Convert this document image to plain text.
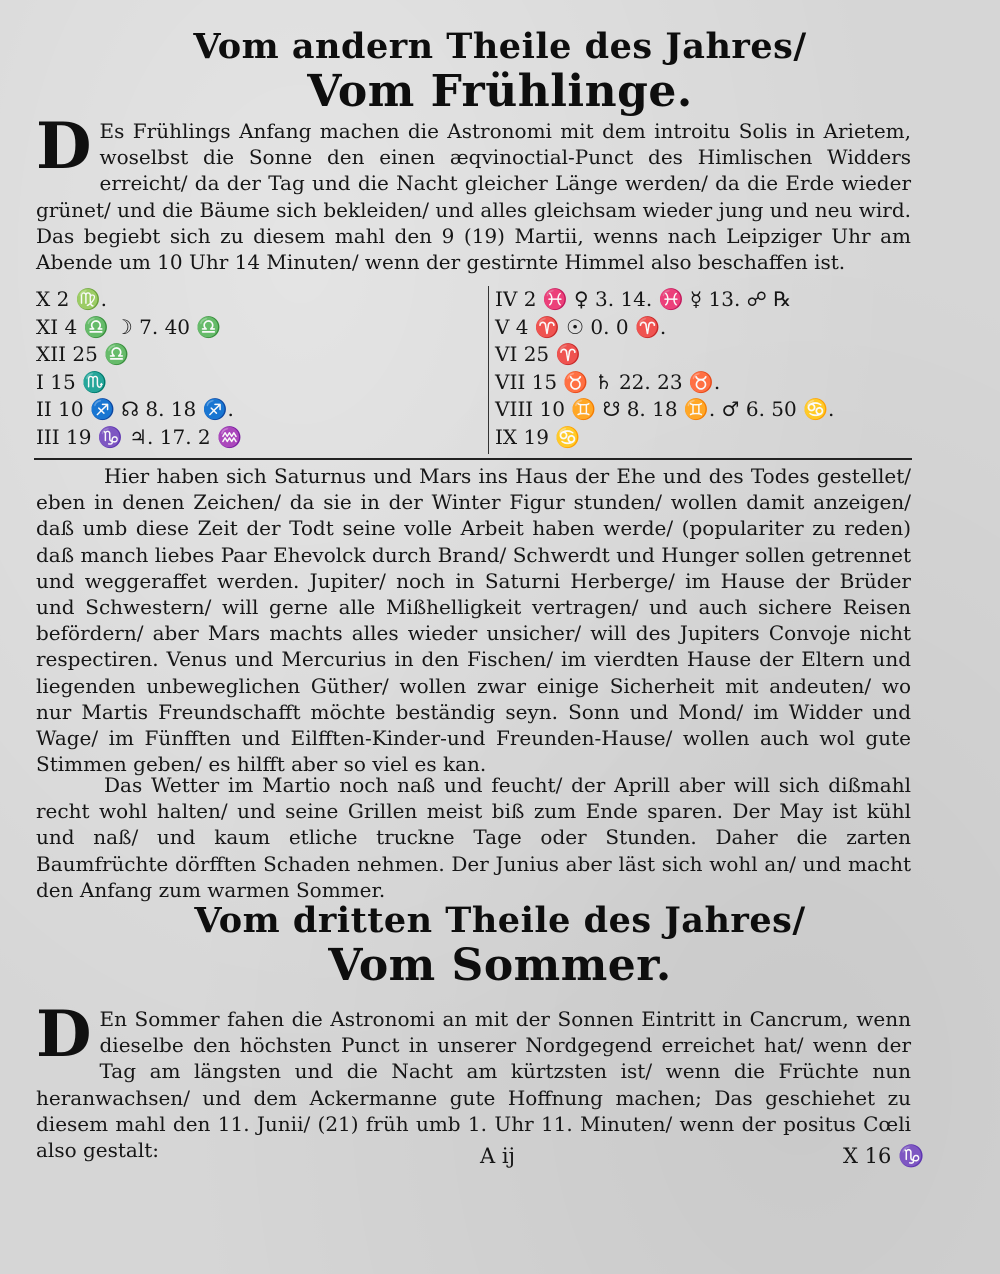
Vom andern Theile des Jahres/
Vom Frühlinge.
D Es Frühlings Anfang machen die Astronomi mit dem introitu Solis in Arietem, woselbst die Sonne den einen æqvinoctial-Punct des Himlischen Widders erreicht/ da der Tag und die Nacht gleicher Länge werden/ da die Erde wieder grünet/ und die Bäume sich bekleiden/ und alles gleichsam wieder jung und neu wird. Das begiebt sich zu diesem mahl den 9 (19) Martii, wenns nach Leipziger Uhr am Abende um 10 Uhr 14 Minuten/ wenn der gestirnte Himmel also beschaffen ist.
X 2 ♍.
XI 4 ♎ ☽ 7. 40 ♎
XII 25 ♎
I 15 ♏
II 10 ♐ ☊ 8. 18 ♐.
III 19 ♑ ♃. 17. 2 ♒
IV 2 ♓ ♀ 3. 14. ♓ ☿ 13. ☍ ℞
V 4 ♈ ☉ 0. 0 ♈.
VI 25 ♈
VII 15 ♉ ♄ 22. 23 ♉.
VIII 10 ♊ ☋ 8. 18 ♊. ♂ 6. 50 ♋.
IX 19 ♋
Hier haben sich Saturnus und Mars ins Haus der Ehe und des Todes gestellet/ eben in denen Zeichen/ da sie in der Winter Figur stunden/ wollen damit anzeigen/ daß umb diese Zeit der Todt seine volle Arbeit haben werde/ (populariter zu reden) daß manch liebes Paar Ehevolck durch Brand/ Schwerdt und Hunger sollen getrennet und weggeraffet werden. Jupiter/ noch in Saturni Herberge/ im Hause der Brüder und Schwestern/ will gerne alle Mißhelligkeit vertragen/ und auch sichere Reisen befördern/ aber Mars machts alles wieder unsicher/ will des Jupiters Convoje nicht respectiren. Venus und Mercurius in den Fischen/ im vierdten Hause der Eltern und liegenden unbeweglichen Güther/ wollen zwar einige Sicherheit mit andeuten/ wo nur Martis Freundschafft möchte beständig seyn. Sonn und Mond/ im Widder und Wage/ im Fünfften und Eilfften-Kinder-und Freunden-Hause/ wollen auch wol gute Stimmen geben/ es hilfft aber so viel es kan.
Das Wetter im Martio noch naß und feucht/ der Aprill aber will sich dißmahl recht wohl halten/ und seine Grillen meist biß zum Ende sparen. Der May ist kühl und naß/ und kaum etliche truckne Tage oder Stunden. Daher die zarten Baumfrüchte dörfften Schaden nehmen. Der Junius aber läst sich wohl an/ und macht den Anfang zum warmen Sommer.
Vom dritten Theile des Jahres/
Vom Sommer.
D En Sommer fahen die Astronomi an mit der Sonnen Eintritt in Cancrum, wenn dieselbe den höchsten Punct in unserer Nordgegend erreichet hat/ wenn der Tag am längsten und die Nacht am kürtzsten ist/ wenn die Früchte nun heranwachsen/ und dem Ackermanne gute Hoffnung machen; Das geschiehet zu diesem mahl den 11. Junii/ (21) früh umb 1. Uhr 11. Minuten/ wenn der positus Cœli also gestalt:	A ij	X 16 ♑
